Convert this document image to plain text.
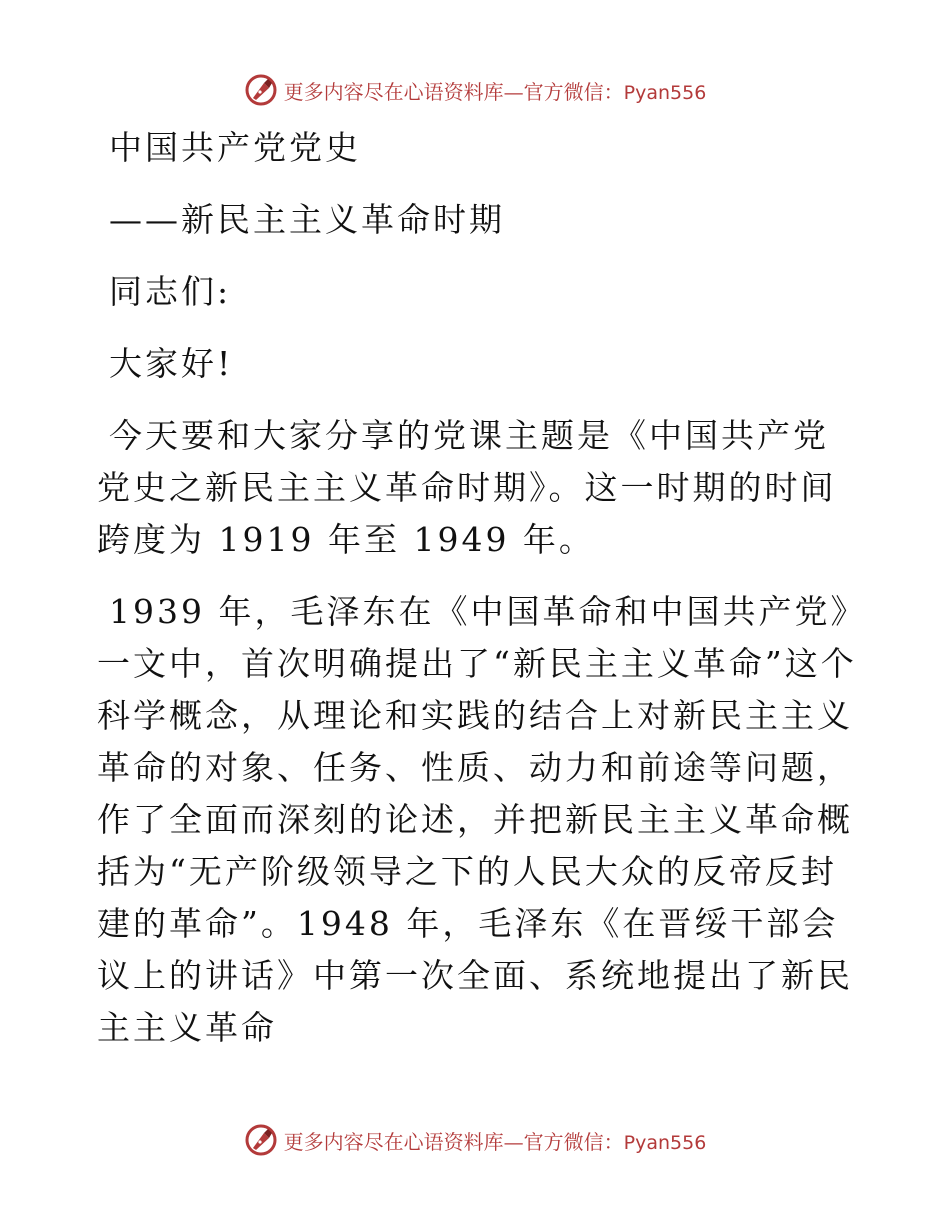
更多内容尽在心语资料库—官方微信：Pyan556

中国共产党党史

——新民主主义革命时期

同志们:

大家好!

今天要和大家分享的党课主题是《中国共产党党史之新民主主义革命时期》。这一时期的时间跨度为 1919 年至 1949 年。

1939 年，毛泽东在《中国革命和中国共产党》一文中，首次明确提出了“新民主主义革命”这个科学概念，从理论和实践的结合上对新民主主义革命的对象、任务、性质、动力和前途等问题，作了全面而深刻的论述，并把新民主主义革命概括为“无产阶级领导之下的人民大众的反帝反封建的革命”。1948 年，毛泽东《在晋绥干部会议上的讲话》中第一次全面、系统地提出了新民主主义革命

更多内容尽在心语资料库—官方微信：Pyan556
